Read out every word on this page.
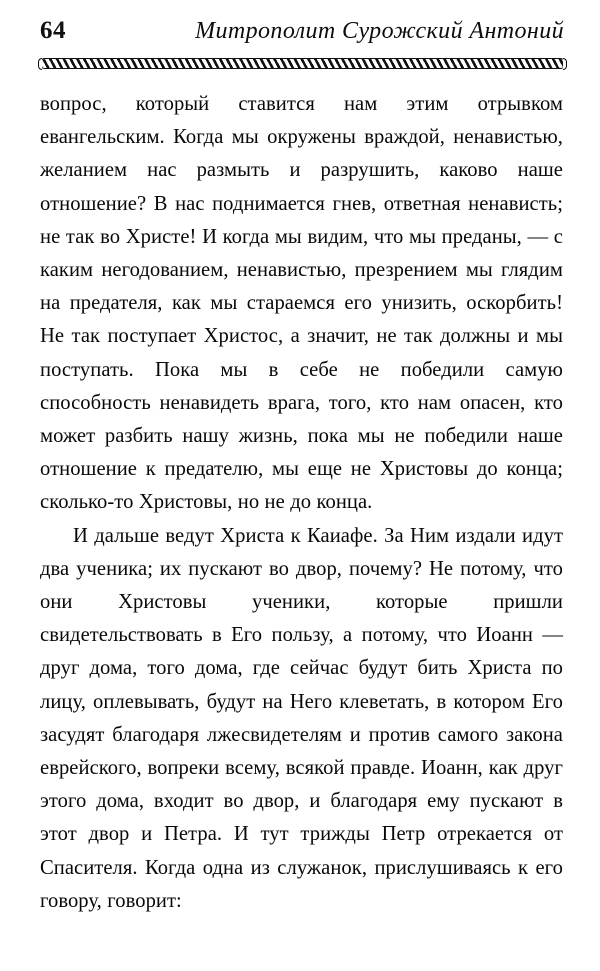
64	Митрополит Сурожский Антоний

вопрос, который ставится нам этим отрывком евангельским. Когда мы окружены враждой, ненавистью, желанием нас размыть и разрушить, каково наше отношение? В нас поднимается гнев, ответная ненависть; не так во Христе! И когда мы видим, что мы преданы, — с каким негодованием, ненавистью, презрением мы глядим на предателя, как мы стараемся его унизить, оскорбить! Не так поступает Христос, а значит, не так должны и мы поступать. Пока мы в себе не победили самую способность ненавидеть врага, того, кто нам опасен, кто может разбить нашу жизнь, пока мы не победили наше отношение к предателю, мы еще не Христовы до конца; сколько-то Христовы, но не до конца.

И дальше ведут Христа к Каиафе. За Ним издали идут два ученика; их пускают во двор, почему? Не потому, что они Христовы ученики, которые пришли свидетельствовать в Его пользу, а потому, что Иоанн — друг дома, того дома, где сейчас будут бить Христа по лицу, оплевывать, будут на Него клеветать, в котором Его засудят благодаря лжесвидетелям и против самого закона еврейского, вопреки всему, всякой правде. Иоанн, как друг этого дома, входит во двор, и благодаря ему пускают в этот двор и Петра. И тут трижды Петр отрекается от Спасителя. Когда одна из служанок, прислушиваясь к его говору, говорит:
